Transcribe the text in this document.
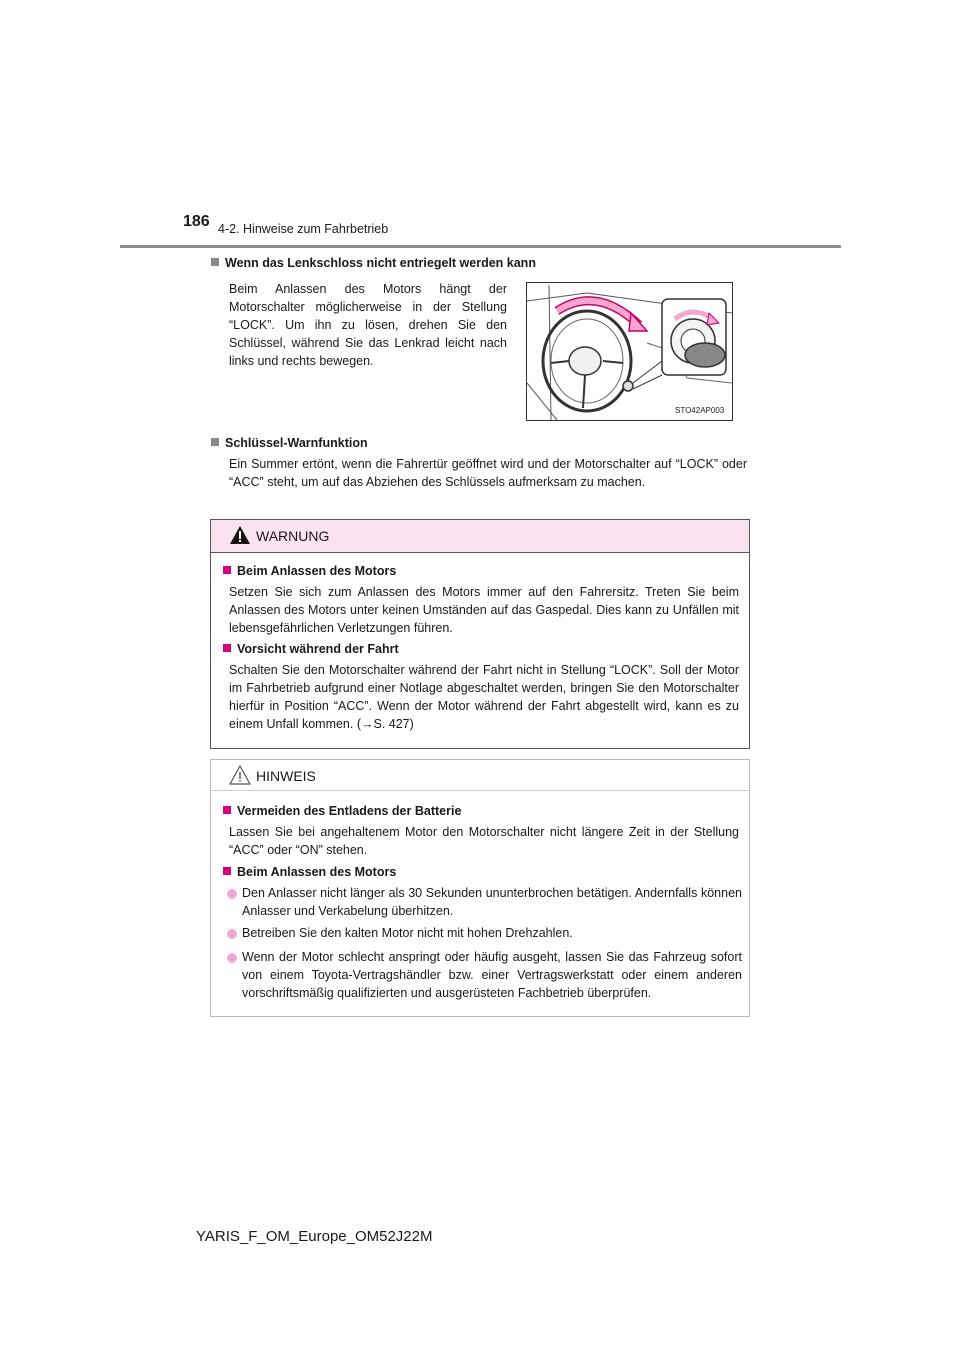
186 4-2. Hinweise zum Fahrbetrieb
Wenn das Lenkschloss nicht entriegelt werden kann
Beim Anlassen des Motors hängt der Motorschalter möglicherweise in der Stellung “LOCK”. Um ihn zu lösen, drehen Sie den Schlüssel, während Sie das Lenkrad leicht nach links und rechts bewegen.
STO42AP003
Schlüssel-Warnfunktion
Ein Summer ertönt, wenn die Fahrertür geöffnet wird und der Motorschalter auf “LOCK” oder “ACC” steht, um auf das Abziehen des Schlüssels aufmerksam zu machen.
WARNUNG
Beim Anlassen des Motors
Setzen Sie sich zum Anlassen des Motors immer auf den Fahrersitz. Treten Sie beim Anlassen des Motors unter keinen Umständen auf das Gaspedal. Dies kann zu Unfällen mit lebensgefährlichen Verletzungen führen.
Vorsicht während der Fahrt
Schalten Sie den Motorschalter während der Fahrt nicht in Stellung “LOCK”. Soll der Motor im Fahrbetrieb aufgrund einer Notlage abgeschaltet werden, bringen Sie den Motorschalter hierfür in Position “ACC”. Wenn der Motor während der Fahrt abgestellt wird, kann es zu einem Unfall kommen. (→S. 427)
HINWEIS
Vermeiden des Entladens der Batterie
Lassen Sie bei angehaltenem Motor den Motorschalter nicht längere Zeit in der Stellung “ACC” oder “ON” stehen.
Beim Anlassen des Motors
Den Anlasser nicht länger als 30 Sekunden ununterbrochen betätigen. Andernfalls können Anlasser und Verkabelung überhitzen.
Betreiben Sie den kalten Motor nicht mit hohen Drehzahlen.
Wenn der Motor schlecht anspringt oder häufig ausgeht, lassen Sie das Fahrzeug sofort von einem Toyota-Vertragshändler bzw. einer Vertragswerkstatt oder einem anderen vorschriftsmäßig qualifizierten und ausgerüsteten Fachbetrieb überprüfen.
YARIS_F_OM_Europe_OM52J22M
